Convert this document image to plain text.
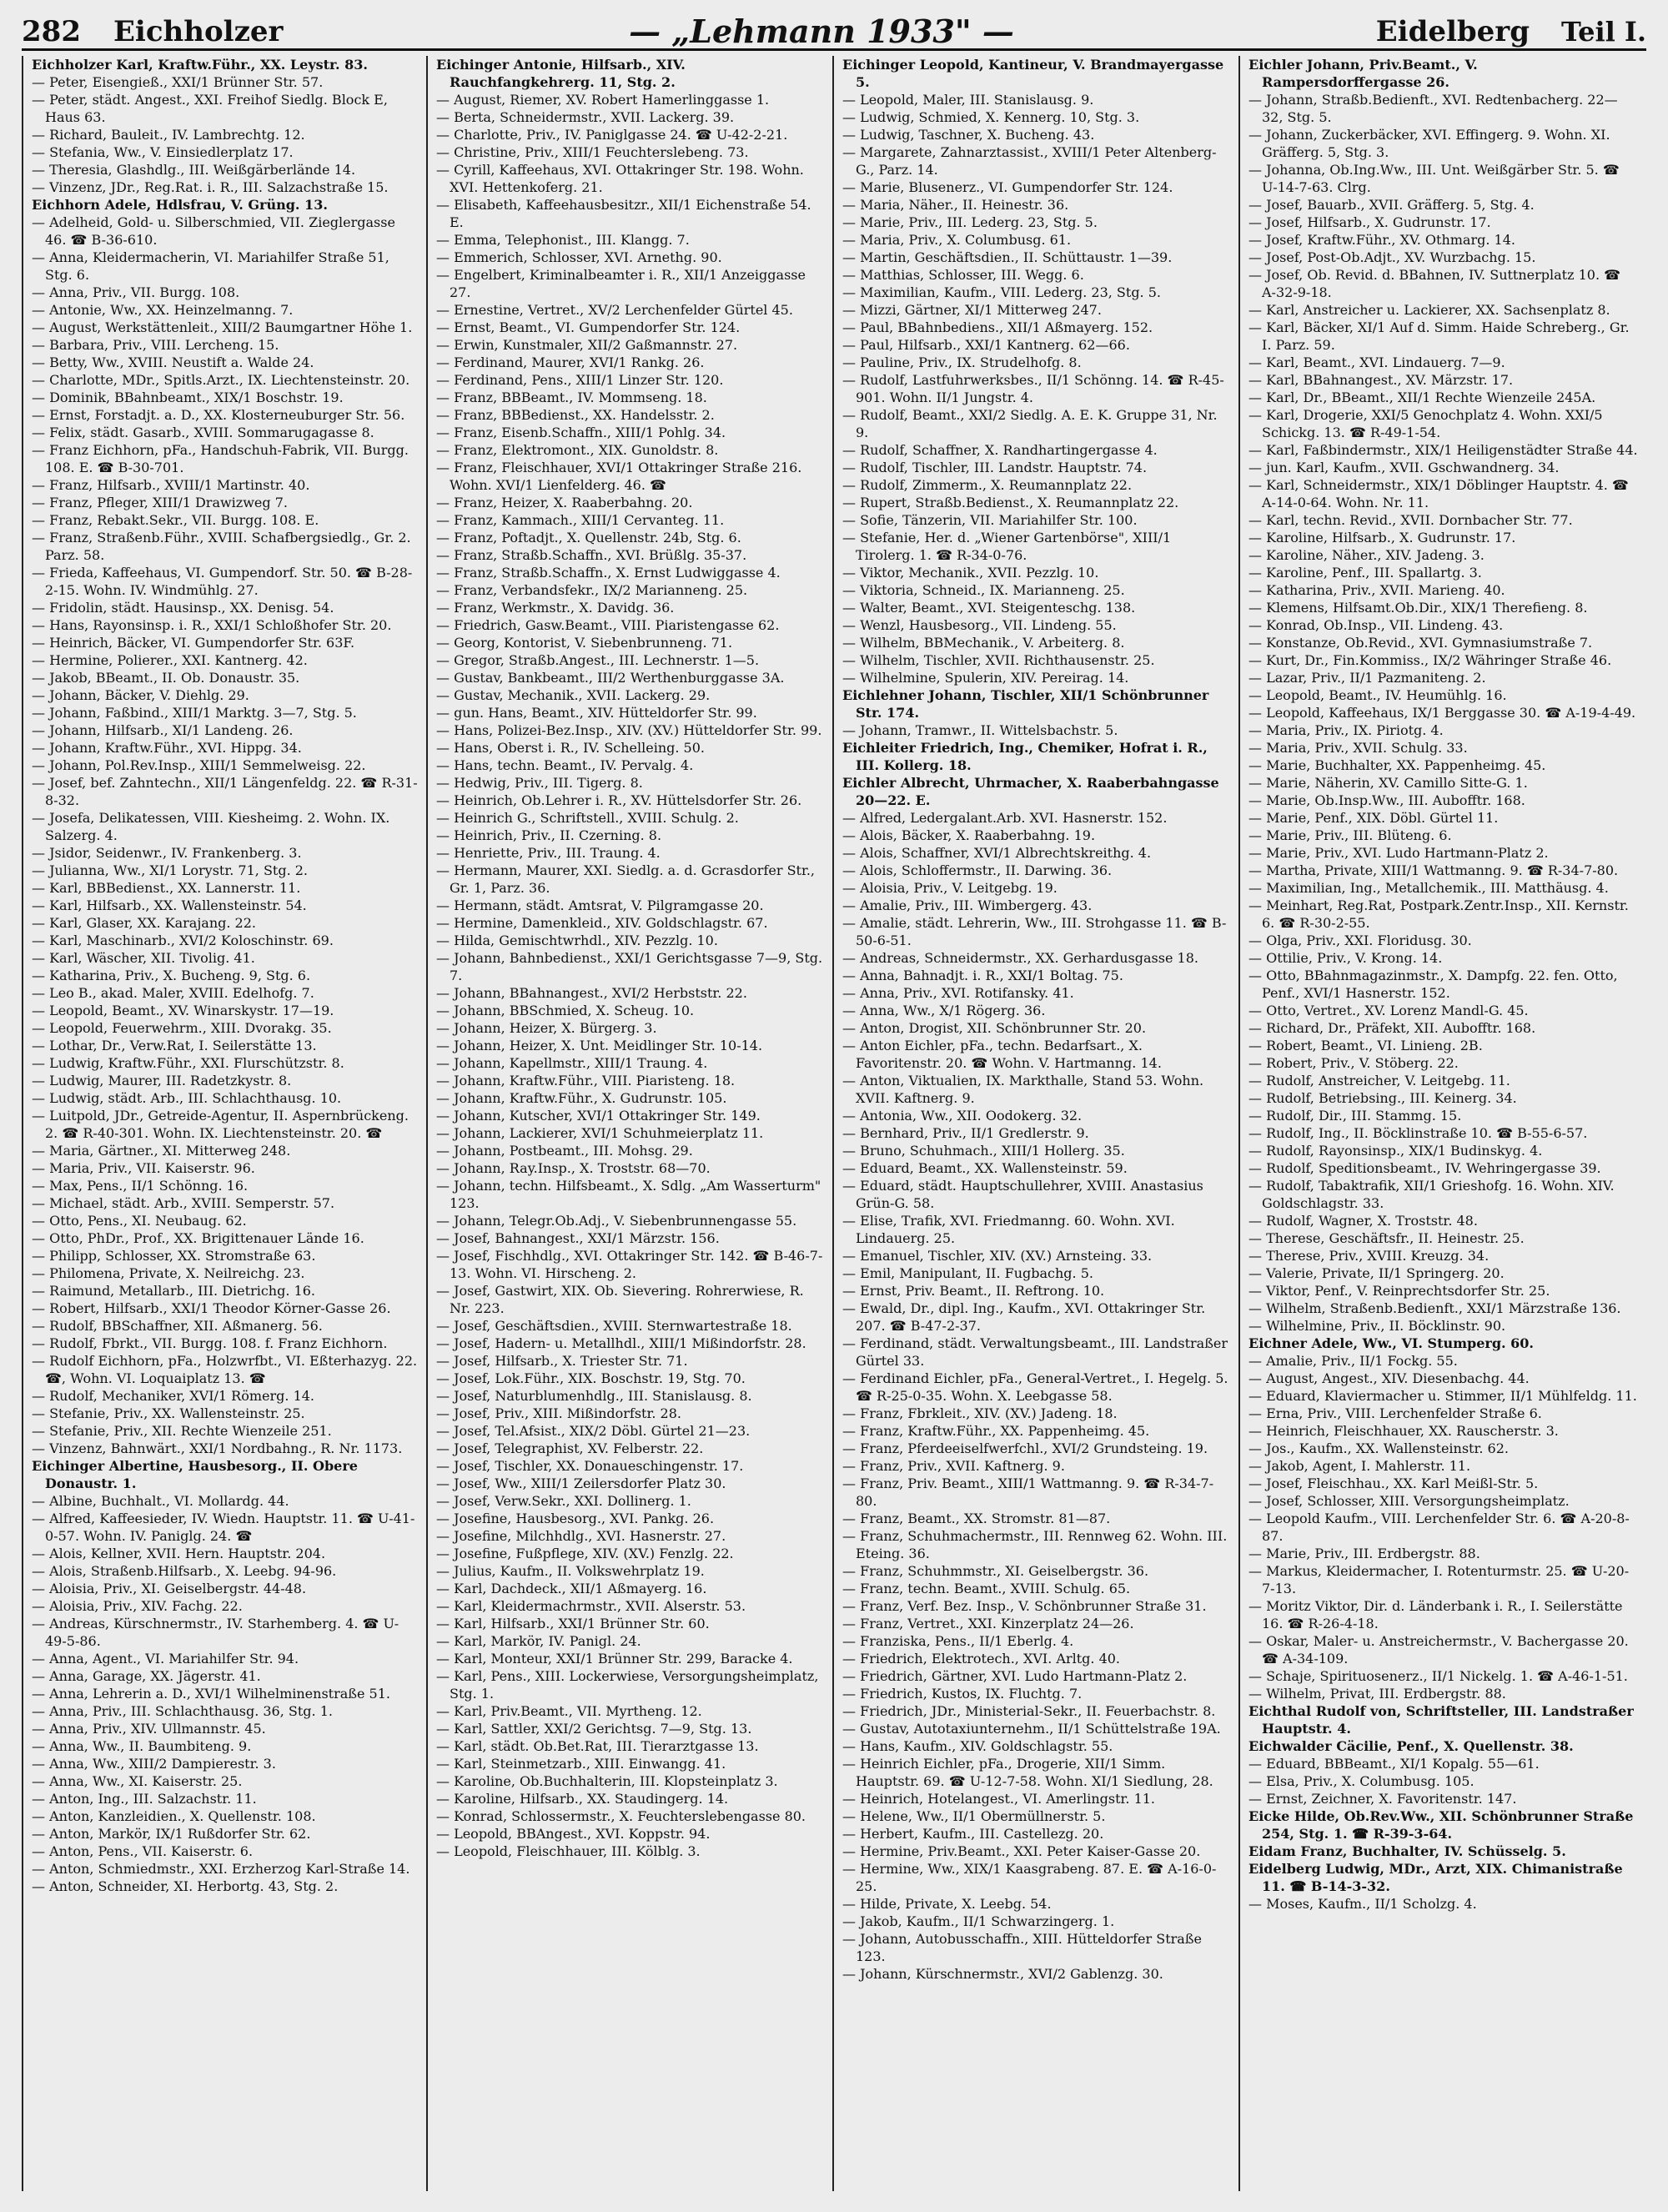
282	Eichholzer	— „Lehmann 1933" —	Eidelberg	Teil I.

Eichholzer Karl, Kraftw.Führ., XX. Leystr. 83.

— Peter, Eisengieß., XXI/1 Brünner Str. 57.

— Peter, städt. Angest., XXI. Freihof Siedlg. Block E, Haus 63.

— Richard, Bauleit., IV. Lambrechtg. 12.

— Stefania, Ww., V. Einsiedlerplatz 17.

— Theresia, Glashdlg., III. Weißgärberlände 14.

— Vinzenz, JDr., Reg.Rat. i. R., III. Salzachstraße 15.

Eichhorn Adele, Hdlsfrau, V. Grüng. 13.

— Adelheid, Gold- u. Silberschmied, VII. Zieglergasse 46. ☎ B-36-610.

— Anna, Kleidermacherin, VI. Mariahilfer Straße 51, Stg. 6.

— Anna, Priv., VII. Burgg. 108.

— Antonie, Ww., XX. Heinzelmanng. 7.

— August, Werkstättenleit., XIII/2 Baumgartner Höhe 1.

— Barbara, Priv., VIII. Lercheng. 15.

— Betty, Ww., XVIII. Neustift a. Walde 24.

— Charlotte, MDr., Spitls.Arzt., IX. Liechtensteinstr. 20.

— Dominik, BBahnbeamt., XIX/1 Boschstr. 19.

— Ernst, Forstadjt. a. D., XX. Klosterneuburger Str. 56.

— Felix, städt. Gasarb., XVIII. Sommarugagasse 8.

— Franz Eichhorn, pFa., Handschuh-Fabrik, VII. Burgg. 108. E. ☎ B-30-701.

— Franz, Hilfsarb., XVIII/1 Martinstr. 40.

— Franz, Pfleger, XIII/1 Drawizweg 7.

— Franz, Rebakt.Sekr., VII. Burgg. 108. E.

— Franz, Straßenb.Führ., XVIII. Schafbergsiedlg., Gr. 2. Parz. 58.

— Frieda, Kaffeehaus, VI. Gumpendorf. Str. 50. ☎ B-28-2-15. Wohn. IV. Windmühlg. 27.

— Fridolin, städt. Hausinsp., XX. Denisg. 54.

— Hans, Rayonsinsp. i. R., XXI/1 Schloßhofer Str. 20.

— Heinrich, Bäcker, VI. Gumpendorfer Str. 63F.

— Hermine, Polierer., XXI. Kantnerg. 42.

— Jakob, BBeamt., II. Ob. Donaustr. 35.

— Johann, Bäcker, V. Diehlg. 29.

— Johann, Faßbind., XIII/1 Marktg. 3—7, Stg. 5.

— Johann, Hilfsarb., XI/1 Landeng. 26.

— Johann, Kraftw.Führ., XVI. Hippg. 34.

— Johann, Pol.Rev.Insp., XIII/1 Semmelweisg. 22.

— Josef, bef. Zahntechn., XII/1 Längenfeldg. 22. ☎ R-31-8-32.

— Josefa, Delikatessen, VIII. Kiesheimg. 2. Wohn. IX. Salzerg. 4.

— Jsidor, Seidenwr., IV. Frankenberg. 3.

— Julianna, Ww., XI/1 Lorystr. 71, Stg. 2.

— Karl, BBBedienst., XX. Lannerstr. 11.

— Karl, Hilfsarb., XX. Wallensteinstr. 54.

— Karl, Glaser, XX. Karajang. 22.

— Karl, Maschinarb., XVI/2 Koloschinstr. 69.

— Karl, Wäscher, XII. Tivolig. 41.

— Katharina, Priv., X. Bucheng. 9, Stg. 6.

— Leo B., akad. Maler, XVIII. Edelhofg. 7.

— Leopold, Beamt., XV. Winarskystr. 17—19.

— Leopold, Feuerwehrm., XIII. Dvorakg. 35.

— Lothar, Dr., Verw.Rat, I. Seilerstätte 13.

— Ludwig, Kraftw.Führ., XXI. Flurschützstr. 8.

— Ludwig, Maurer, III. Radetzkystr. 8.

— Ludwig, städt. Arb., III. Schlachthausg. 10.

— Luitpold, JDr., Getreide-Agentur, II. Aspernbrückeng. 2. ☎ R-40-301. Wohn. IX. Liechtensteinstr. 20. ☎

— Maria, Gärtner., XI. Mitterweg 248.

— Maria, Priv., VII. Kaiserstr. 96.

— Max, Pens., II/1 Schönng. 16.

— Michael, städt. Arb., XVIII. Semperstr. 57.

— Otto, Pens., XI. Neubaug. 62.

— Otto, PhDr., Prof., XX. Brigittenauer Lände 16.

— Philipp, Schlosser, XX. Stromstraße 63.

— Philomena, Private, X. Neilreichg. 23.

— Raimund, Metallarb., III. Dietrichg. 16.

— Robert, Hilfsarb., XXI/1 Theodor Körner-Gasse 26.

— Rudolf, BBSchaffner, XII. Aßmanerg. 56.

— Rudolf, Fbrkt., VII. Burgg. 108. f. Franz Eichhorn.

— Rudolf Eichhorn, pFa., Holzwrfbt., VI. Eßterhazyg. 22. ☎, Wohn. VI. Loquaiplatz 13. ☎

— Rudolf, Mechaniker, XVI/1 Römerg. 14.

— Stefanie, Priv., XX. Wallensteinstr. 25.

— Stefanie, Priv., XII. Rechte Wienzeile 251.

— Vinzenz, Bahnwärt., XXI/1 Nordbahng., R. Nr. 1173.

Eichinger Albertine, Hausbesorg., II. Obere Donaustr. 1.

— Albine, Buchhalt., VI. Mollardg. 44.

— Alfred, Kaffeesieder, IV. Wiedn. Hauptstr. 11. ☎ U-41-0-57. Wohn. IV. Paniglg. 24. ☎

— Alois, Kellner, XVII. Hern. Hauptstr. 204.

— Alois, Straßenb.Hilfsarb., X. Leebg. 94-96.

— Aloisia, Priv., XI. Geiselbergstr. 44-48.

— Aloisia, Priv., XIV. Fachg. 22.

— Andreas, Kürschnermstr., IV. Starhemberg. 4. ☎ U-49-5-86.

— Anna, Agent., VI. Mariahilfer Str. 94.

— Anna, Garage, XX. Jägerstr. 41.

— Anna, Lehrerin a. D., XVI/1 Wilhelminenstraße 51.

— Anna, Priv., III. Schlachthausg. 36, Stg. 1.

— Anna, Priv., XIV. Ullmannstr. 45.

— Anna, Ww., II. Baumbiteng. 9.

— Anna, Ww., XIII/2 Dampierestr. 3.

— Anna, Ww., XI. Kaiserstr. 25.

— Anton, Ing., III. Salzachstr. 11.

— Anton, Kanzleidien., X. Quellenstr. 108.

— Anton, Markör, IX/1 Rußdorfer Str. 62.

— Anton, Pens., VII. Kaiserstr. 6.

— Anton, Schmiedmstr., XXI. Erzherzog Karl-Straße 14.

— Anton, Schneider, XI. Herbortg. 43, Stg. 2.

Eichinger Antonie, Hilfsarb., XIV. Rauchfangkehrerg. 11, Stg. 2.

— August, Riemer, XV. Robert Hamerlinggasse 1.

— Berta, Schneidermstr., XVII. Lackerg. 39.

— Charlotte, Priv., IV. Paniglgasse 24. ☎ U-42-2-21.

— Christine, Priv., XIII/1 Feuchterslebeng. 73.

— Cyrill, Kaffeehaus, XVI. Ottakringer Str. 198. Wohn. XVI. Hettenkoferg. 21.

— Elisabeth, Kaffeehausbesitzr., XII/1 Eichenstraße 54. E.

— Emma, Telephonist., III. Klangg. 7.

— Emmerich, Schlosser, XVI. Arnethg. 90.

— Engelbert, Kriminalbeamter i. R., XII/1 Anzeiggasse 27.

— Ernestine, Vertret., XV/2 Lerchenfelder Gürtel 45.

— Ernst, Beamt., VI. Gumpendorfer Str. 124.

— Erwin, Kunstmaler, XII/2 Gaßmannstr. 27.

— Ferdinand, Maurer, XVI/1 Rankg. 26.

— Ferdinand, Pens., XIII/1 Linzer Str. 120.

— Franz, BBBeamt., IV. Mommseng. 18.

— Franz, BBBedienst., XX. Handelsstr. 2.

— Franz, Eisenb.Schaffn., XIII/1 Pohlg. 34.

— Franz, Elektromont., XIX. Gunoldstr. 8.

— Franz, Fleischhauer, XVI/1 Ottakringer Straße 216. Wohn. XVI/1 Lienfelderg. 46. ☎

— Franz, Heizer, X. Raaberbahng. 20.

— Franz, Kammach., XIII/1 Cervanteg. 11.

— Franz, Poftadjt., X. Quellenstr. 24b, Stg. 6.

— Franz, Straßb.Schaffn., XVI. Brüßlg. 35-37.

— Franz, Straßb.Schaffn., X. Ernst Ludwiggasse 4.

— Franz, Verbandsfekr., IX/2 Marianneng. 25.

— Franz, Werkmstr., X. Davidg. 36.

— Friedrich, Gasw.Beamt., VIII. Piaristengasse 62.

— Georg, Kontorist, V. Siebenbrunneng. 71.

— Gregor, Straßb.Angest., III. Lechnerstr. 1—5.

— Gustav, Bankbeamt., III/2 Werthenburggasse 3A.

— Gustav, Mechanik., XVII. Lackerg. 29.

— gun. Hans, Beamt., XIV. Hütteldorfer Str. 99.

— Hans, Polizei-Bez.Insp., XIV. (XV.) Hütteldorfer Str. 99.

— Hans, Oberst i. R., IV. Schelleing. 50.

— Hans, techn. Beamt., IV. Pervalg. 4.

— Hedwig, Priv., III. Tigerg. 8.

— Heinrich, Ob.Lehrer i. R., XV. Hüttelsdorfer Str. 26.

— Heinrich G., Schriftstell., XVIII. Schulg. 2.

— Heinrich, Priv., II. Czerning. 8.

— Henriette, Priv., III. Traung. 4.

— Hermann, Maurer, XXI. Siedlg. a. d. Gcrasdorfer Str., Gr. 1, Parz. 36.

— Hermann, städt. Amtsrat, V. Pilgramgasse 20.

— Hermine, Damenkleid., XIV. Goldschlagstr. 67.

— Hilda, Gemischtwrhdl., XIV. Pezzlg. 10.

— Johann, Bahnbedienst., XXI/1 Gerichtsgasse 7—9, Stg. 7.

— Johann, BBahnangest., XVI/2 Herbststr. 22.

— Johann, BBSchmied, X. Scheug. 10.

— Johann, Heizer, X. Bürgerg. 3.

— Johann, Heizer, X. Unt. Meidlinger Str. 10-14.

— Johann, Kapellmstr., XIII/1 Traung. 4.

— Johann, Kraftw.Führ., VIII. Piaristeng. 18.

— Johann, Kraftw.Führ., X. Gudrunstr. 105.

— Johann, Kutscher, XVI/1 Ottakringer Str. 149.

— Johann, Lackierer, XVI/1 Schuhmeierplatz 11.

— Johann, Postbeamt., III. Mohsg. 29.

— Johann, Ray.Insp., X. Troststr. 68—70.

— Johann, techn. Hilfsbeamt., X. Sdlg. „Am Wasserturm" 123.

— Johann, Telegr.Ob.Adj., V. Siebenbrunnengasse 55.

— Josef, Bahnangest., XXI/1 Märzstr. 156.

— Josef, Fischhdlg., XVI. Ottakringer Str. 142. ☎ B-46-7-13. Wohn. VI. Hirscheng. 2.

— Josef, Gastwirt, XIX. Ob. Sievering. Rohrerwiese, R. Nr. 223.

— Josef, Geschäftsdien., XVIII. Sternwartestraße 18.

— Josef, Hadern- u. Metallhdl., XIII/1 Mißindorfstr. 28.

— Josef, Hilfsarb., X. Triester Str. 71.

— Josef, Lok.Führ., XIX. Boschstr. 19, Stg. 70.

— Josef, Naturblumenhdlg., III. Stanislausg. 8.

— Josef, Priv., XIII. Mißindorfstr. 28.

— Josef, Tel.Afsist., XIX/2 Döbl. Gürtel 21—23.

— Josef, Telegraphist, XV. Felberstr. 22.

— Josef, Tischler, XX. Donaueschingenstr. 17.

— Josef, Ww., XIII/1 Zeilersdorfer Platz 30.

— Josef, Verw.Sekr., XXI. Dollinerg. 1.

— Josefine, Hausbesorg., XVI. Pankg. 26.

— Josefine, Milchhdlg., XVI. Hasnerstr. 27.

— Josefine, Fußpflege, XIV. (XV.) Fenzlg. 22.

— Julius, Kaufm., II. Volkswehrplatz 19.

— Karl, Dachdeck., XII/1 Aßmayerg. 16.

— Karl, Kleidermachrmstr., XVII. Alserstr. 53.

— Karl, Hilfsarb., XXI/1 Brünner Str. 60.

— Karl, Markör, IV. Panigl. 24.

— Karl, Monteur, XXI/1 Brünner Str. 299, Baracke 4.

— Karl, Pens., XIII. Lockerwiese, Versorgungsheimplatz, Stg. 1.

— Karl, Priv.Beamt., VII. Myrtheng. 12.

— Karl, Sattler, XXI/2 Gerichtsg. 7—9, Stg. 13.

— Karl, städt. Ob.Bet.Rat, III. Tierarztgasse 13.

— Karl, Steinmetzarb., XIII. Einwangg. 41.

— Karoline, Ob.Buchhalterin, III. Klopsteinplatz 3.

— Karoline, Hilfsarb., XX. Staudingerg. 14.

— Konrad, Schlossermstr., X. Feuchterslebengasse 80.

— Leopold, BBAngest., XVI. Koppstr. 94.

— Leopold, Fleischhauer, III. Kölblg. 3.

Eichinger Leopold, Kantineur, V. Brandmayergasse 5.

— Leopold, Maler, III. Stanislausg. 9.

— Ludwig, Schmied, X. Kennerg. 10, Stg. 3.

— Ludwig, Taschner, X. Bucheng. 43.

— Margarete, Zahnarztassist., XVIII/1 Peter Altenberg-G., Parz. 14.

— Marie, Blusenerz., VI. Gumpendorfer Str. 124.

— Maria, Näher., II. Heinestr. 36.

— Marie, Priv., III. Lederg. 23, Stg. 5.

— Maria, Priv., X. Columbusg. 61.

— Martin, Geschäftsdien., II. Schüttaustr. 1—39.

— Matthias, Schlosser, III. Wegg. 6.

— Maximilian, Kaufm., VIII. Lederg. 23, Stg. 5.

— Mizzi, Gärtner, XI/1 Mitterweg 247.

— Paul, BBahnbediens., XII/1 Aßmayerg. 152.

— Paul, Hilfsarb., XXI/1 Kantnerg. 62—66.

— Pauline, Priv., IX. Strudelhofg. 8.

— Rudolf, Lastfuhrwerksbes., II/1 Schönng. 14. ☎ R-45-901. Wohn. II/1 Jungstr. 4.

— Rudolf, Beamt., XXI/2 Siedlg. A. E. K. Gruppe 31, Nr. 9.

— Rudolf, Schaffner, X. Randhartingergasse 4.

— Rudolf, Tischler, III. Landstr. Hauptstr. 74.

— Rudolf, Zimmerm., X. Reumannplatz 22.

— Rupert, Straßb.Bedienst., X. Reumannplatz 22.

— Sofie, Tänzerin, VII. Mariahilfer Str. 100.

— Stefanie, Her. d. „Wiener Gartenbörse", XIII/1 Tirolerg. 1. ☎ R-34-0-76.

— Viktor, Mechanik., XVII. Pezzlg. 10.

— Viktoria, Schneid., IX. Marianneng. 25.

— Walter, Beamt., XVI. Steigenteschg. 138.

— Wenzl, Hausbesorg., VII. Lindeng. 55.

— Wilhelm, BBMechanik., V. Arbeiterg. 8.

— Wilhelm, Tischler, XVII. Richthausenstr. 25.

— Wilhelmine, Spulerin, XIV. Pereirag. 14.

Eichlehner Johann, Tischler, XII/1 Schönbrunner Str. 174.

— Johann, Tramwr., II. Wittelsbachstr. 5.

Eichleiter Friedrich, Ing., Chemiker, Hofrat i. R., III. Kollerg. 18.

Eichler Albrecht, Uhrmacher, X. Raaberbahngasse 20—22. E.

— Alfred, Ledergalant.Arb. XVI. Hasnerstr. 152.

— Alois, Bäcker, X. Raaberbahng. 19.

— Alois, Schaffner, XVI/1 Albrechtskreithg. 4.

— Alois, Schloffermstr., II. Darwing. 36.

— Aloisia, Priv., V. Leitgebg. 19.

— Amalie, Priv., III. Wimbergerg. 43.

— Amalie, städt. Lehrerin, Ww., III. Strohgasse 11. ☎ B-50-6-51.

— Andreas, Schneidermstr., XX. Gerhardusgasse 18.

— Anna, Bahnadjt. i. R., XXI/1 Boltag. 75.

— Anna, Priv., XVI. Rotifansky. 41.

— Anna, Ww., X/1 Rögerg. 36.

— Anton, Drogist, XII. Schönbrunner Str. 20.

— Anton Eichler, pFa., techn. Bedarfsart., X. Favoritenstr. 20. ☎ Wohn. V. Hartmanng. 14.

— Anton, Viktualien, IX. Markthalle, Stand 53. Wohn. XVII. Kaftnerg. 9.

— Antonia, Ww., XII. Oodokerg. 32.

— Bernhard, Priv., II/1 Gredlerstr. 9.

— Bruno, Schuhmach., XIII/1 Hollerg. 35.

— Eduard, Beamt., XX. Wallensteinstr. 59.

— Eduard, städt. Hauptschullehrer, XVIII. Anastasius Grün-G. 58.

— Elise, Trafik, XVI. Friedmanng. 60. Wohn. XVI. Lindauerg. 25.

— Emanuel, Tischler, XIV. (XV.) Arnsteing. 33.

— Emil, Manipulant, II. Fugbachg. 5.

— Ernst, Priv. Beamt., II. Reftrong. 10.

— Ewald, Dr., dipl. Ing., Kaufm., XVI. Ottakringer Str. 207. ☎ B-47-2-37.

— Ferdinand, städt. Verwaltungsbeamt., III. Landstraßer Gürtel 33.

— Ferdinand Eichler, pFa., General-Vertret., I. Hegelg. 5. ☎ R-25-0-35. Wohn. X. Leebgasse 58.

— Franz, Fbrkleit., XIV. (XV.) Jadeng. 18.

— Franz, Kraftw.Führ., XX. Pappenheimg. 45.

— Franz, Pferdeeiselfwerfchl., XVI/2 Grundsteing. 19.

— Franz, Priv., XVII. Kaftnerg. 9.

— Franz, Priv. Beamt., XIII/1 Wattmanng. 9. ☎ R-34-7-80.

— Franz, Beamt., XX. Stromstr. 81—87.

— Franz, Schuhmachermstr., III. Rennweg 62. Wohn. III. Eteing. 36.

— Franz, Schuhmmstr., XI. Geiselbergstr. 36.

— Franz, techn. Beamt., XVIII. Schulg. 65.

— Franz, Verf. Bez. Insp., V. Schönbrunner Straße 31.

— Franz, Vertret., XXI. Kinzerplatz 24—26.

— Franziska, Pens., II/1 Eberlg. 4.

— Friedrich, Elektrotech., XVI. Arltg. 40.

— Friedrich, Gärtner, XVI. Ludo Hartmann-Platz 2.

— Friedrich, Kustos, IX. Fluchtg. 7.

— Friedrich, JDr., Ministerial-Sekr., II. Feuerbachstr. 8.

— Gustav, Autotaxiunternehm., II/1 Schüttelstraße 19A.

— Hans, Kaufm., XIV. Goldschlagstr. 55.

— Heinrich Eichler, pFa., Drogerie, XII/1 Simm. Hauptstr. 69. ☎ U-12-7-58. Wohn. XI/1 Siedlung, 28.

— Heinrich, Hotelangest., VI. Amerlingstr. 11.

— Helene, Ww., II/1 Obermüllnerstr. 5.

— Herbert, Kaufm., III. Castellezg. 20.

— Hermine, Priv.Beamt., XXI. Peter Kaiser-Gasse 20.

— Hermine, Ww., XIX/1 Kaasgrabeng. 87. E. ☎ A-16-0-25.

— Hilde, Private, X. Leebg. 54.

— Jakob, Kaufm., II/1 Schwarzingerg. 1.

— Johann, Autobusschaffn., XIII. Hütteldorfer Straße 123.

— Johann, Kürschnermstr., XVI/2 Gablenzg. 30.

Eichler Johann, Priv.Beamt., V. Rampersdorffergasse 26.

— Johann, Straßb.Bedienft., XVI. Redtenbacherg. 22—32, Stg. 5.

— Johann, Zuckerbäcker, XVI. Effingerg. 9. Wohn. XI. Gräfferg. 5, Stg. 3.

— Johanna, Ob.Ing.Ww., III. Unt. Weißgärber Str. 5. ☎ U-14-7-63. Clrg.

— Josef, Bauarb., XVII. Gräfferg. 5, Stg. 4.

— Josef, Hilfsarb., X. Gudrunstr. 17.

— Josef, Kraftw.Führ., XV. Othmarg. 14.

— Josef, Post-Ob.Adjt., XV. Wurzbachg. 15.

— Josef, Ob. Revid. d. BBahnen, IV. Suttnerplatz 10. ☎ A-32-9-18.

— Karl, Anstreicher u. Lackierer, XX. Sachsenplatz 8.

— Karl, Bäcker, XI/1 Auf d. Simm. Haide Schreberg., Gr. I. Parz. 59.

— Karl, Beamt., XVI. Lindauerg. 7—9.

— Karl, BBahnangest., XV. Märzstr. 17.

— Karl, Dr., BBeamt., XII/1 Rechte Wienzeile 245A.

— Karl, Drogerie, XXI/5 Genochplatz 4. Wohn. XXI/5 Schickg. 13. ☎ R-49-1-54.

— Karl, Faßbindermstr., XIX/1 Heiligenstädter Straße 44.

— jun. Karl, Kaufm., XVII. Gschwandnerg. 34.

— Karl, Schneidermstr., XIX/1 Döblinger Hauptstr. 4. ☎ A-14-0-64. Wohn. Nr. 11.

— Karl, techn. Revid., XVII. Dornbacher Str. 77.

— Karoline, Hilfsarb., X. Gudrunstr. 17.

— Karoline, Näher., XIV. Jadeng. 3.

— Karoline, Penf., III. Spallartg. 3.

— Katharina, Priv., XVII. Marieng. 40.

— Klemens, Hilfsamt.Ob.Dir., XIX/1 Therefieng. 8.

— Konrad, Ob.Insp., VII. Lindeng. 43.

— Konstanze, Ob.Revid., XVI. Gymnasiumstraße 7.

— Kurt, Dr., Fin.Kommiss., IX/2 Währinger Straße 46.

— Lazar, Priv., II/1 Pazmaniteng. 2.

— Leopold, Beamt., IV. Heumühlg. 16.

— Leopold, Kaffeehaus, IX/1 Berggasse 30. ☎ A-19-4-49.

— Maria, Priv., IX. Piriotg. 4.

— Maria, Priv., XVII. Schulg. 33.

— Marie, Buchhalter, XX. Pappenheimg. 45.

— Marie, Näherin, XV. Camillo Sitte-G. 1.

— Marie, Ob.Insp.Ww., III. Aubofftr. 168.

— Marie, Penf., XIX. Döbl. Gürtel 11.

— Marie, Priv., III. Blüteng. 6.

— Marie, Priv., XVI. Ludo Hartmann-Platz 2.

— Martha, Private, XIII/1 Wattmanng. 9. ☎ R-34-7-80.

— Maximilian, Ing., Metallchemik., III. Matthäusg. 4.

— Meinhart, Reg.Rat, Postpark.Zentr.Insp., XII. Kernstr. 6. ☎ R-30-2-55.

— Olga, Priv., XXI. Floridusg. 30.

— Ottilie, Priv., V. Krong. 14.

— Otto, BBahnmagazinmstr., X. Dampfg. 22. fen. Otto, Penf., XVI/1 Hasnerstr. 152.

— Otto, Vertret., XV. Lorenz Mandl-G. 45.

— Richard, Dr., Präfekt, XII. Aubofftr. 168.

— Robert, Beamt., VI. Linieng. 2B.

— Robert, Priv., V. Stöberg. 22.

— Rudolf, Anstreicher, V. Leitgebg. 11.

— Rudolf, Betriebsing., III. Keinerg. 34.

— Rudolf, Dir., III. Stammg. 15.

— Rudolf, Ing., II. Böcklinstraße 10. ☎ B-55-6-57.

— Rudolf, Rayonsinsp., XIX/1 Budinskyg. 4.

— Rudolf, Speditionsbeamt., IV. Wehringergasse 39.

— Rudolf, Tabaktrafik, XII/1 Grieshofg. 16. Wohn. XIV. Goldschlagstr. 33.

— Rudolf, Wagner, X. Troststr. 48.

— Therese, Geschäftsfr., II. Heinestr. 25.

— Therese, Priv., XVIII. Kreuzg. 34.

— Valerie, Private, II/1 Springerg. 20.

— Viktor, Penf., V. Reinprechtsdorfer Str. 25.

— Wilhelm, Straßenb.Bedienft., XXI/1 Märzstraße 136.

— Wilhelmine, Priv., II. Böcklinstr. 90.

Eichner Adele, Ww., VI. Stumperg. 60.

— Amalie, Priv., II/1 Fockg. 55.

— August, Angest., XIV. Diesenbachg. 44.

— Eduard, Klaviermacher u. Stimmer, II/1 Mühlfeldg. 11.

— Erna, Priv., VIII. Lerchenfelder Straße 6.

— Heinrich, Fleischhauer, XX. Rauscherstr. 3.

— Jos., Kaufm., XX. Wallensteinstr. 62.

— Jakob, Agent, I. Mahlerstr. 11.

— Josef, Fleischhau., XX. Karl Meißl-Str. 5.

— Josef, Schlosser, XIII. Versorgungsheimplatz.

— Leopold Kaufm., VIII. Lerchenfelder Str. 6. ☎ A-20-8-87.

— Marie, Priv., III. Erdbergstr. 88.

— Markus, Kleidermacher, I. Rotenturmstr. 25. ☎ U-20-7-13.

— Moritz Viktor, Dir. d. Länderbank i. R., I. Seilerstätte 16. ☎ R-26-4-18.

— Oskar, Maler- u. Anstreichermstr., V. Bachergasse 20. ☎ A-34-109.

— Schaje, Spirituosenerz., II/1 Nickelg. 1. ☎ A-46-1-51.

— Wilhelm, Privat, III. Erdbergstr. 88.

Eichthal Rudolf von, Schriftsteller, III. Landstraßer Hauptstr. 4.

Eichwalder Cäcilie, Penf., X. Quellenstr. 38.

— Eduard, BBBeamt., XI/1 Kopalg. 55—61.

— Elsa, Priv., X. Columbusg. 105.

— Ernst, Zeichner, X. Favoritenstr. 147.

Eicke Hilde, Ob.Rev.Ww., XII. Schönbrunner Straße 254, Stg. 1. ☎ R-39-3-64.

Eidam Franz, Buchhalter, IV. Schüsselg. 5.

Eidelberg Ludwig, MDr., Arzt, XIX. Chimanistraße 11. ☎ B-14-3-32.

— Moses, Kaufm., II/1 Scholzg. 4.
